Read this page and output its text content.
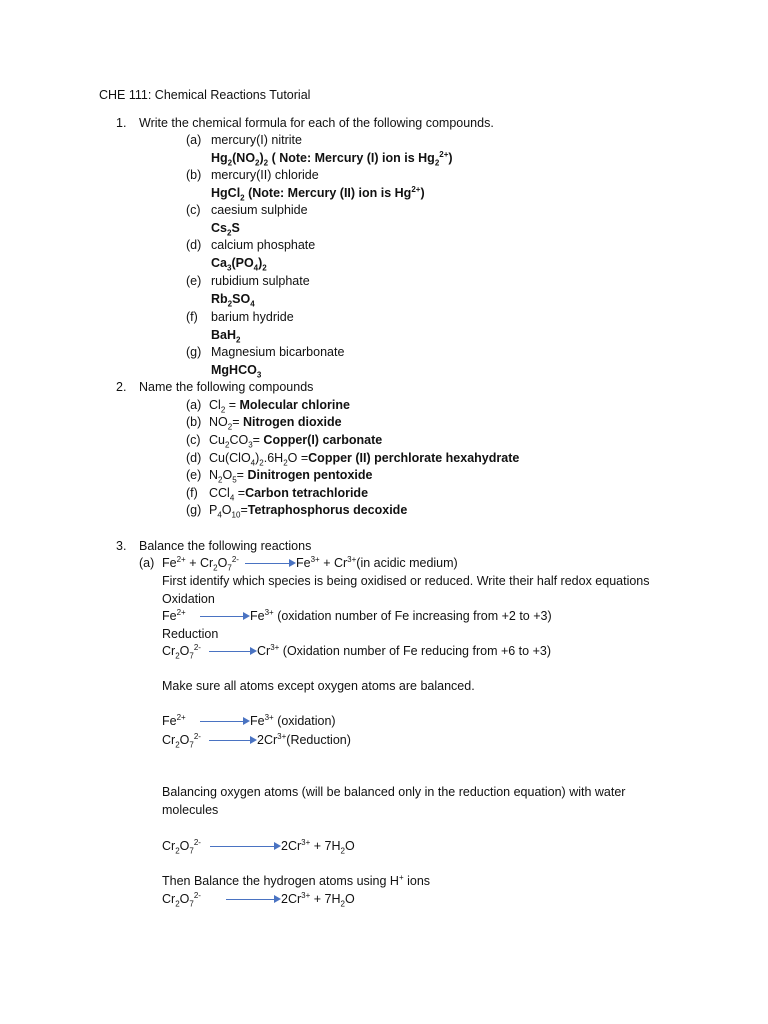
CHE 111: Chemical Reactions Tutorial
1. Write the chemical formula for each of the following compounds.
(a) mercury(I) nitrite
$Hg_2(NO_2)_2$ ( Note: Mercury (I) ion is $Hg_2^{2+}$)
(b) mercury(II) chloride
HgCl$_2$ (Note: Mercury (II) ion is $Hg^{2+}$)
(c) caesium sulphide
$Cs_2S$
(d) calcium phosphate
$Ca_3(PO_4)_2$
(e) rubidium sulphate
$Rb_2SO_4$
(f) barium hydride
BaH$_2$
(g) Magnesium bicarbonate
MgHCO$_3$
2. Name the following compounds
(a) $Cl_2$ = Molecular chlorine
(b) $NO_2=$ Nitrogen dioxide
(c) $Cu_2CO_3=$ Copper(I) carbonate
(d) $Cu(ClO_4)_2.6H_2O$ =Copper (II) perchlorate hexahydrate
(e) $N_2O_5=$ Dinitrogen pentoxide
(f) CCl$_4$ =Carbon tetrachloride
(g) $P_4O_{10}=Tetraphosphorus$ decoxide
3. Balance the following reactions
(a) $Fe^{2+} + Cr_2O_7^{2-}$	$Fe^{3+} + Cr^{3+}(in$ acidic medium)
First identify which species is being oxidised or reduced. Write their half redox equations
Oxidation
$Fe^{2+}$	$Fe^{3+}$ (oxidation number of Fe increasing from +2 to +3)
Reduction
$Cr_2O_7^{2-}$	$Cr^{3+}$ (Oxidation number of Fe reducing from +6 to +3)
Make sure all atoms except oxygen atoms are balanced.
$Fe^{2+}$	$Fe^{3+}$ (oxidation)
$Cr_2O_7^{2-}$	$2Cr^{3+}(Reduction)$
Balancing oxygen atoms (will be balanced only in the reduction equation) with water
molecules
$Cr_2O_7^{2-}$	$2Cr^{3+} + 7H_2O$
Then Balance the hydrogen atoms using H+ ions
$Cr_2O_7^{2-}$	$2Cr^{3+} + 7H_2O$
